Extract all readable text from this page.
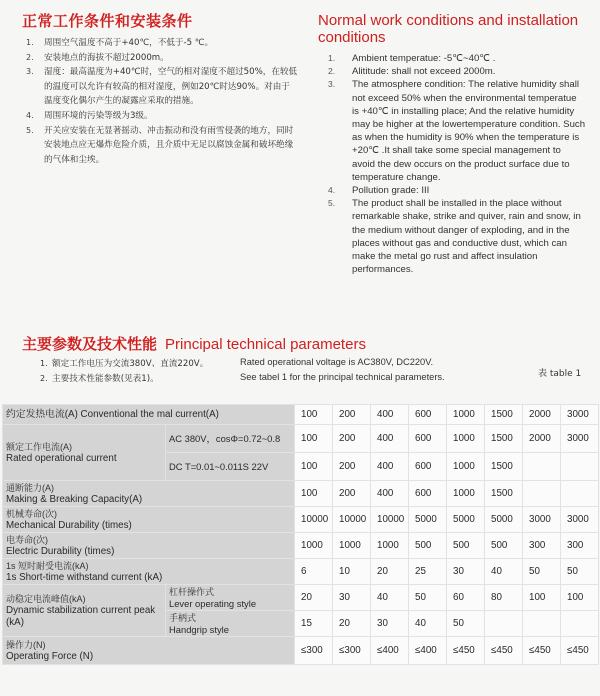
正常工作条件和安装条件	Normal work conditions and installation conditions
1. 周围空气温度不高于+40℃，不低于-5 ℃。
2. 安装地点的海拔不超过2000m。
3. 湿度：最高温度为+40℃时，空气的相对湿度不超过50%，在较低的温度可以允许有较高的相对湿度，例如20℃时达90%。对由于温度变化偶尔产生的凝露应采取的措施。
4. 周围环境的污染等级为3级。
5. 开关应安装在无显著摇动、冲击振动和没有雨雪侵袭的地方，同时安装地点应无爆炸危险介质，且介质中无足以腐蚀金属和破坏绝缘的气体和尘埃。
1. Ambient temperatue: -5℃~40℃ .
2. Alititude: shall not exceed 2000m.
3. The atmosphere condition: The relative humidity shall not exceed 50% when the environmental temperatue is +40℃ in installing place; And the relative humidity may be higher at the lowertemperature condition. Such as when the humidity is 90% when the temperature is +20℃ .It shall take some special management to avoid the dew occurs on the product surface due to temperature change.
4. Pollution grade: III
5. The product shall be installed in the place without remarkable shake, strike and quiver, rain and snow, in the medium without danger of exploding, and in the places without gas and conductive dust, which can make the metal go rust and affect insulation performances.
主要参数及技术性能 Principal technical parameters
1. 额定工作电压为交流380V、直流220V。	Rated operational voltage is AC380V, DC220V.
2. 主要技术性能参数(见表1)。	See tabel 1 for the principal technical parameters.	表 table 1
约定发热电流(A) Conventional the mal current(A)		100	200	400	600	1000	1500	2000	3000

额定工作电流(A)
Rated operational current	AC 380V，cosΦ=0.72~0.8	100	200	400	600	1000	1500	2000	3000
	DC T=0.01~0.011S 22V	100	200	400	600	1000	1500		

通断能力(A)
Making & Breaking Capacity(A)		100	200	400	600	1000	1500		

机械寿命(次)
Mechanical Durability (times)		10000	10000	10000	5000	5000	5000	3000	3000

电寿命(次)
Electric Durability (times)		1000	1000	1000	500	500	500	300	300

1s 短时耐受电流(kA)
1s Short-time withstand current (kA)		6	10	20	25	30	40	50	50

动稳定电流峰值(kA)
Dynamic stabilization current peak (kA)	杠杆操作式
Lever operating style	20	30	40	50	60	80	100	100

	手柄式
Handgrip style	15	20	30	40	50			

操作力(N)
Operating Force (N)		≤300	≤300	≤400	≤400	≤450	≤450	≤450	≤450
